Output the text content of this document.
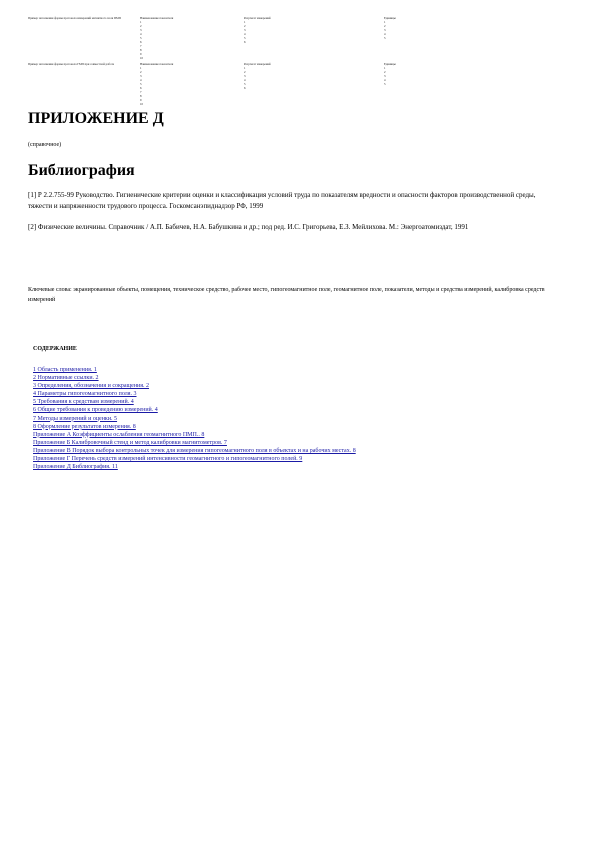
Пример заполнения формы протокола измерений магнитного поля ПМП	Наименование показателя
1
2
3
4
5
6
7
8
9
10
Результат измерений
1
2
3
4
5
6
Единицы
1
2
3
4
5
Пример заполнения формы протокола ГМП при совместной работе	Наименование показателя
1
2
3
4
5
6
7
8
9
10
Результат измерений
1
2
3
4
5
6
Единицы
1
2
3
4
5
ПРИЛОЖЕНИЕ Д
(справочное)
Библиография

[1] Р 2.2.755-99 Руководство. Гигиенические критерии оценки и классификация условий труда по показателям вредности и опасности факторов производственной среды, тяжести и напряженности трудового процесса. Госкомсанэпиднадзор РФ, 1999

[2] Физические величины. Справочник / А.П. Бабичев, Н.А. Бабушкина и др.; под ред. И.С. Григорьева, Е.З. Мейлихова. М.: Энергоатомиздат, 1991

Ключевые слова: экранированные объекты, помещения, техническое средство, рабочее место, гипогеомагнитное поле, геомагнитное поле, показатели, методы и средства измерений, калибровка средств измерений

СОДЕРЖАНИЕ
1 Область применения. 1
2 Нормативные ссылки. 2
3 Определения, обозначения и сокращения. 2
4 Параметры гипогеомагнитного поля. 3
5 Требования к средствам измерений. 4
6 Общие требования к проведению измерений. 4
7 Методы измерений и оценки. 5
8 Оформление результатов измерения. 8
Приложение А Коэффициенты ослабления геомагнитного ПМП.. 8
Приложение Б Калибровочный стенд и метод калибровки магнитометров. 7
Приложение В Порядок выбора контрольных точек для измерения гипогеомагнитного поля в объектах и на рабочих местах. 8
Приложение Г Перечень средств измерений интенсивности геомагнитного и гипогеомагнитного полей. 9
Приложение Д Библиография. 11
